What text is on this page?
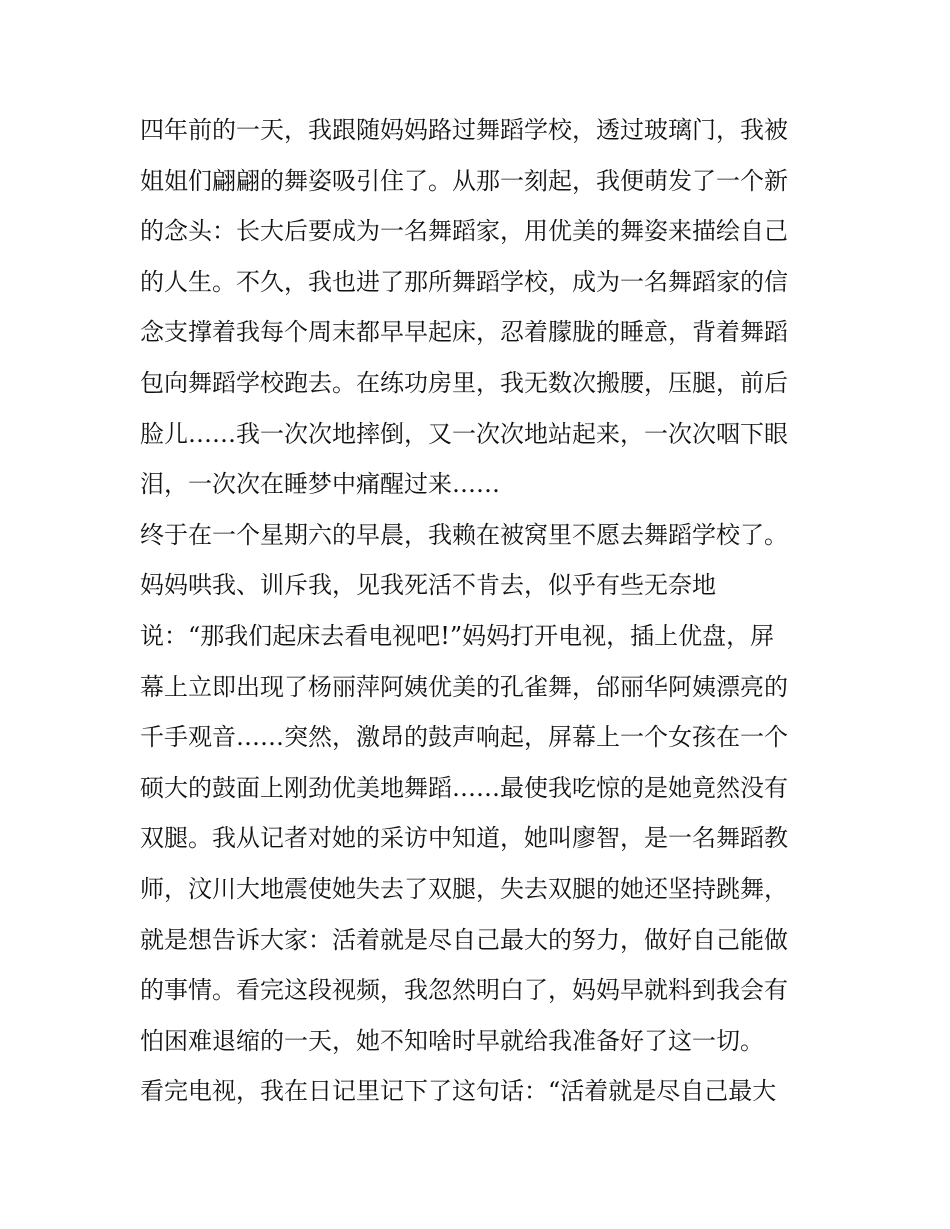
四年前的一天，我跟随妈妈路过舞蹈学校，透过玻璃门，我被
姐姐们翩翩的舞姿吸引住了。从那一刻起，我便萌发了一个新
的念头：长大后要成为一名舞蹈家，用优美的舞姿来描绘自己
的人生。不久，我也进了那所舞蹈学校，成为一名舞蹈家的信
念支撑着我每个周末都早早起床，忍着朦胧的睡意，背着舞蹈
包向舞蹈学校跑去。在练功房里，我无数次搬腰，压腿，前后
脸儿……我一次次地摔倒，又一次次地站起来，一次次咽下眼
泪，一次次在睡梦中痛醒过来……
终于在一个星期六的早晨，我赖在被窝里不愿去舞蹈学校了。
妈妈哄我、训斥我，见我死活不肯去，似乎有些无奈地
说：“那我们起床去看电视吧!”妈妈打开电视，插上优盘，屏
幕上立即出现了杨丽萍阿姨优美的孔雀舞，邰丽华阿姨漂亮的
千手观音……突然，激昂的鼓声响起，屏幕上一个女孩在一个
硕大的鼓面上刚劲优美地舞蹈……最使我吃惊的是她竟然没有
双腿。我从记者对她的采访中知道，她叫廖智，是一名舞蹈教
师，汶川大地震使她失去了双腿，失去双腿的她还坚持跳舞，
就是想告诉大家：活着就是尽自己最大的努力，做好自己能做
的事情。看完这段视频，我忽然明白了，妈妈早就料到我会有
怕困难退缩的一天，她不知啥时早就给我准备好了这一切。
看完电视，我在日记里记下了这句话：“活着就是尽自己最大
